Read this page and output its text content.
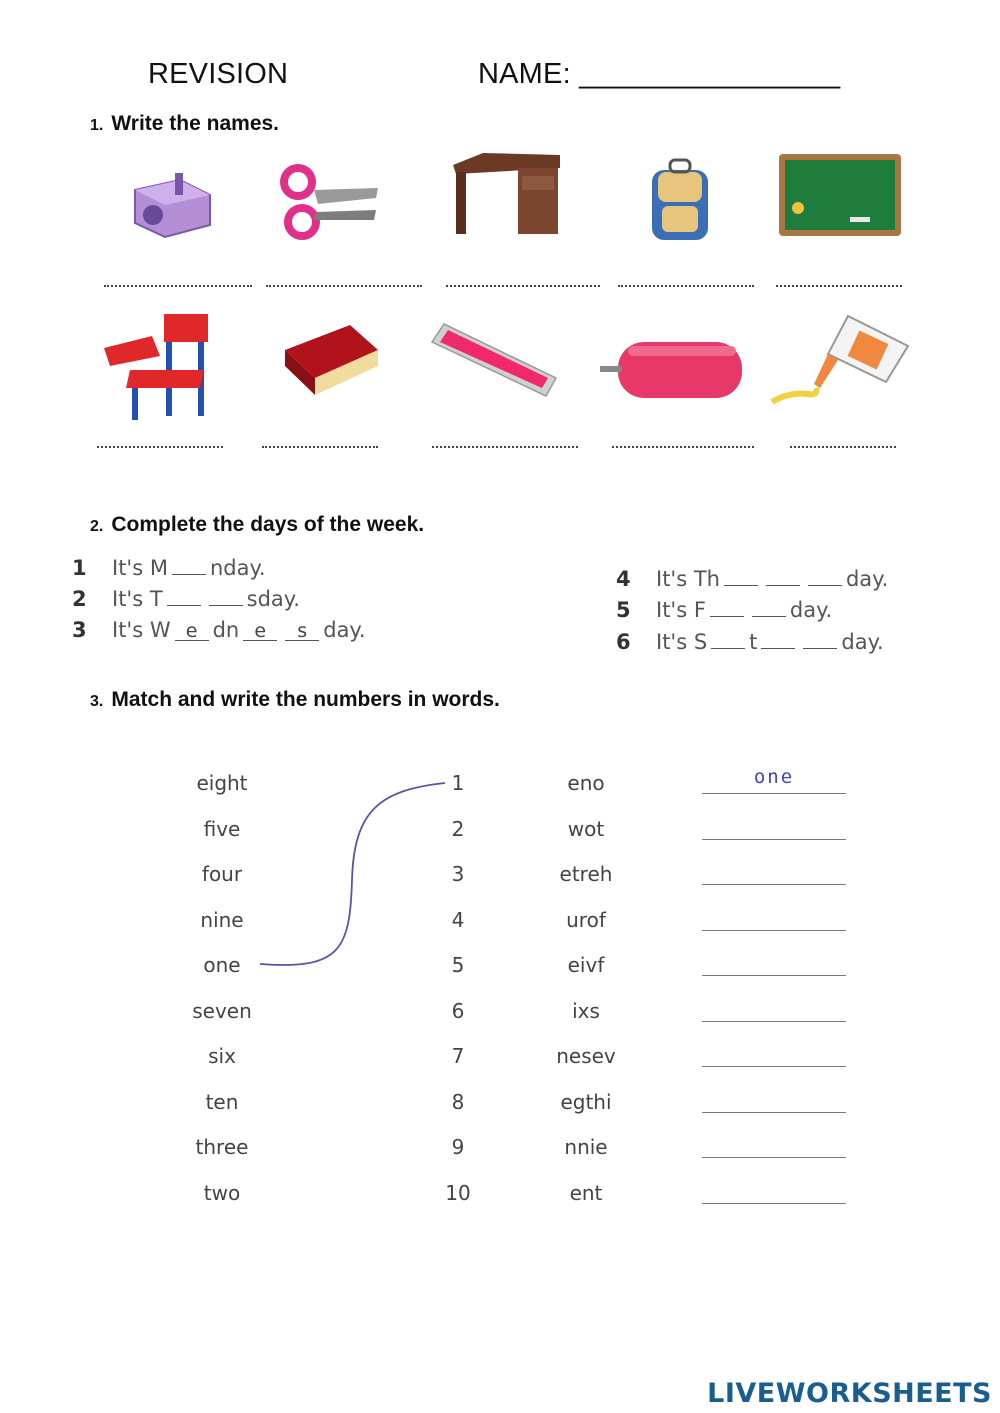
REVISION	NAME: ________________
1. Write the names.
2. Complete the days of the week.
1 It's M nday.
2 It's T	sday.
3 It's W e dn e s day.
4 It's Th	day.
5 It's F	day.
6 It's S t	day.
3. Match and write the numbers in words.
eight	1	eno	one
five	2	wot
four	3	etreh
nine	4	urof
one	5	eivf
seven	6	ixs
six	7	nesev
ten	8	egthi
three	9	nnie
two	10	ent
LIVEWORKSHEETS
